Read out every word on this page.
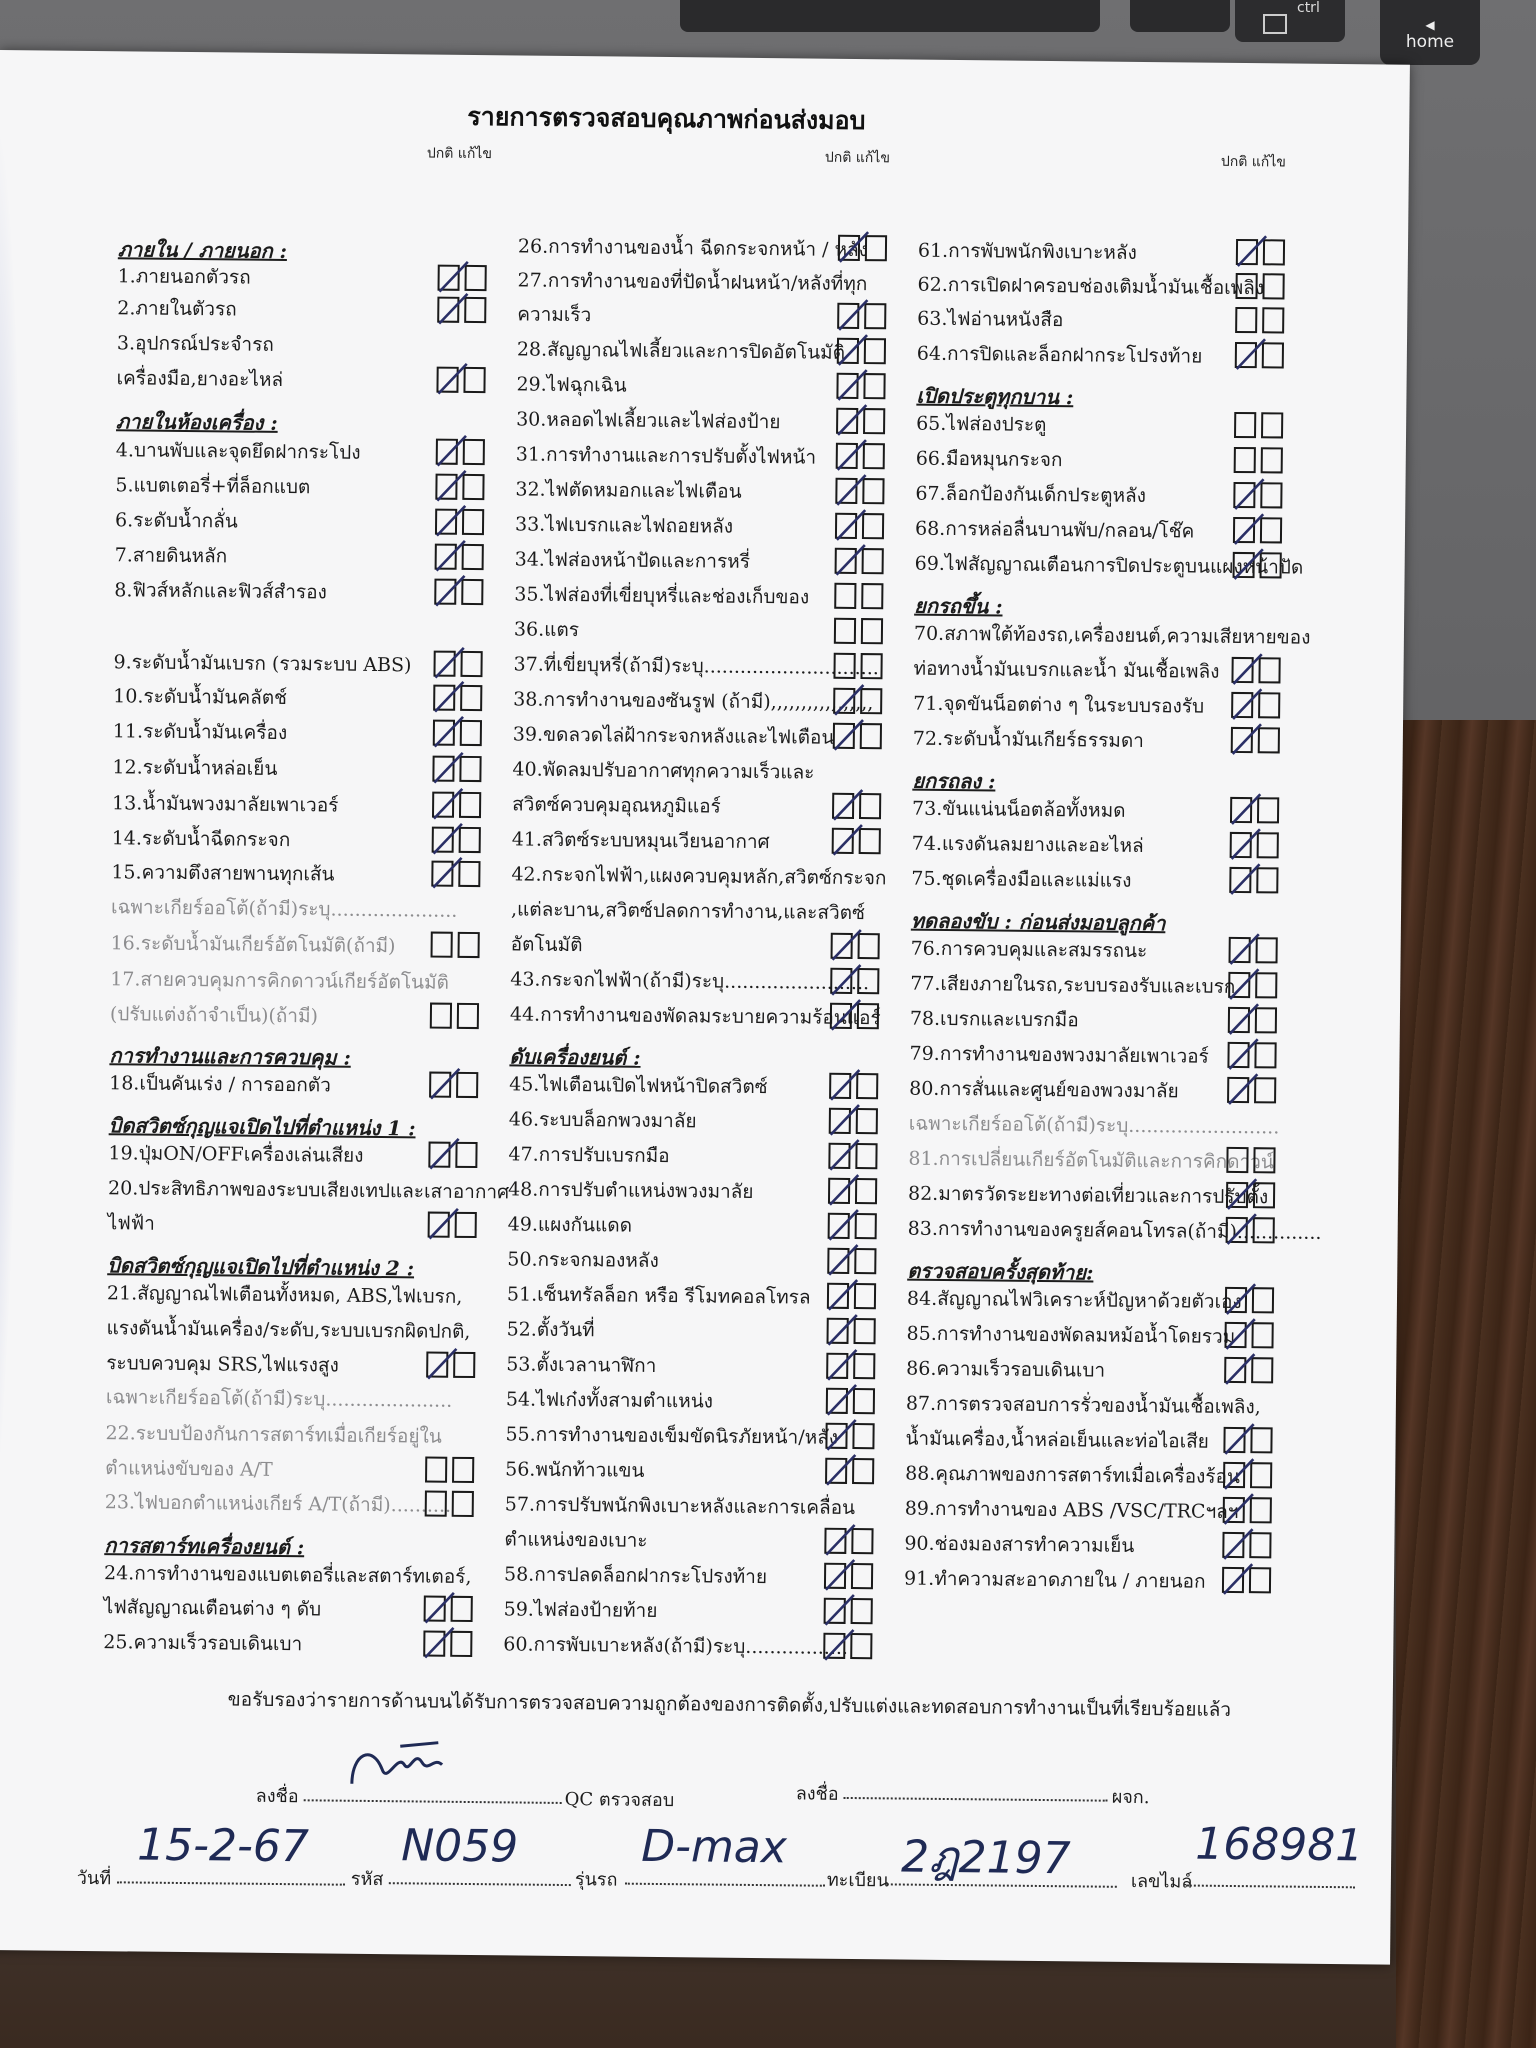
ctrl
◀
home
รายการตรวจสอบคุณภาพก่อนส่งมอบ
ปกติ แก้ไข	ปกติ แก้ไข	ปกติ แก้ไข
ภายใน / ภายนอก :
1.ภายนอกตัวรถ
2.ภายในตัวรถ
3.อุปกรณ์ประจำรถ
เครื่องมือ,ยางอะไหล่
ภายในห้องเครื่อง :
4.บานพับและจุดยึดฝากระโปง
5.แบตเตอรี่+ที่ล็อกแบต
6.ระดับน้ำกลั่น
7.สายดินหลัก
8.ฟิวส์หลักและฟิวส์สำรอง
9.ระดับน้ำมันเบรก (รวมระบบ ABS)
10.ระดับน้ำมันคลัตช์
11.ระดับน้ำมันเครื่อง
12.ระดับน้ำหล่อเย็น
13.น้ำมันพวงมาลัยเพาเวอร์
14.ระดับน้ำฉีดกระจก
15.ความตึงสายพานทุกเส้น
เฉพาะเกียร์ออโต้(ถ้ามี)ระบุ.....................
16.ระดับน้ำมันเกียร์อัตโนมัติ(ถ้ามี)
17.สายควบคุมการคิกดาวน์เกียร์อัตโนมัติ
(ปรับแต่งถ้าจำเป็น)(ถ้ามี)
การทำงานและการควบคุม :
18.เป็นคันเร่ง / การออกตัว
บิดสวิตซ์กุญแจเปิดไปที่ตำแหน่ง 1 :
19.ปุ่มON/OFFเครื่องเล่นเสียง
20.ประสิทธิภาพของระบบเสียงเทปและเสาอากาศ
ไฟฟ้า
บิดสวิตซ์กุญแจเปิดไปที่ตำแหน่ง 2 :
21.สัญญาณไฟเตือนทั้งหมด, ABS,ไฟเบรก,
แรงดันน้ำมันเครื่อง/ระดับ,ระบบเบรกผิดปกติ,
ระบบควบคุม SRS,ไฟแรงสูง
เฉพาะเกียร์ออโต้(ถ้ามี)ระบุ.....................
22.ระบบป้องกันการสตาร์ทเมื่อเกียร์อยู่ใน
ตำแหน่งขับของ A/T
23.ไฟบอกตำแหน่งเกียร์ A/T(ถ้ามี)..........
การสตาร์ทเครื่องยนต์ :
24.การทำงานของแบตเตอรี่และสตาร์ทเตอร์,
ไฟสัญญาณเตือนต่าง ๆ ดับ
25.ความเร็วรอบเดินเบา
26.การทำงานของน้ำ ฉีดกระจกหน้า / หลัง
27.การทำงานของที่ปัดน้ำฝนหน้า/หลังที่ทุก
ความเร็ว
28.สัญญาณไฟเลี้ยวและการปิดอัตโนมัติ
29.ไฟฉุกเฉิน
30.หลอดไฟเลี้ยวและไฟส่องป้าย
31.การทำงานและการปรับตั้งไฟหน้า
32.ไฟตัดหมอกและไฟเตือน
33.ไฟเบรกและไฟถอยหลัง
34.ไฟส่องหน้าปัดและการหรี่
35.ไฟส่องที่เขี่ยบุหรี่และช่องเก็บของ
36.แตร
37.ที่เขี่ยบุหรี่(ถ้ามี)ระบุ.............................
38.การทำงานของซันรูฟ (ถ้ามี),,,,,,,,,,,,,,,,,
39.ขดลวดไล่ฝ้ากระจกหลังและไฟเตือน
40.พัดลมปรับอากาศทุกความเร็วและ
สวิตซ์ควบคุมอุณหภูมิแอร์
41.สวิตซ์ระบบหมุนเวียนอากาศ
42.กระจกไฟฟ้า,แผงควบคุมหลัก,สวิตซ์กระจก
,แต่ละบาน,สวิตซ์ปลดการทำงาน,และสวิตซ์
อัตโนมัติ
43.กระจกไฟฟ้า(ถ้ามี)ระบุ........................
44.การทำงานของพัดลมระบายความร้อนแอร์
ดับเครื่องยนต์ :
45.ไฟเตือนเปิดไฟหน้าปิดสวิตซ์
46.ระบบล็อกพวงมาลัย
47.การปรับเบรกมือ
48.การปรับตำแหน่งพวงมาลัย
49.แผงกันแดด
50.กระจกมองหลัง
51.เซ็นทรัลล็อก หรือ รีโมทคอลโทรล
52.ตั้งวันที่
53.ตั้งเวลานาฬิกา
54.ไฟเก๋งทั้งสามตำแหน่ง
55.การทำงานของเข็มขัดนิรภัยหน้า/หลัง
56.พนักท้าวแขน
57.การปรับพนักพิงเบาะหลังและการเคลื่อน
ตำแหน่งของเบาะ
58.การปลดล็อกฝากระโปรงท้าย
59.ไฟส่องป้ายท้าย
60.การพับเบาะหลัง(ถ้ามี)ระบุ.................
61.การพับพนักพิงเบาะหลัง
62.การเปิดฝาครอบช่องเติมน้ำมันเชื้อเพลิง
63.ไฟอ่านหนังสือ
64.การปิดและล็อกฝากระโปรงท้าย
เปิดประตูทุกบาน :
65.ไฟส่องประตู
66.มือหมุนกระจก
67.ล็อกป้องกันเด็กประตูหลัง
68.การหล่อลื่นบานพับ/กลอน/โช๊ค
69.ไฟสัญญาณเตือนการปิดประตูบนแผงหน้าปัด
ยกรถขึ้น :
70.สภาพใต้ท้องรถ,เครื่องยนต์,ความเสียหายของ
ท่อทางน้ำมันเบรกและน้ำ มันเชื้อเพลิง
71.จุดขันน็อตต่าง ๆ ในระบบรองรับ
72.ระดับน้ำมันเกียร์ธรรมดา
ยกรถลง :
73.ขันแน่นน็อตล้อทั้งหมด
74.แรงดันลมยางและอะไหล่
75.ชุดเครื่องมือและแม่แรง
ทดลองขับ : ก่อนส่งมอบลูกค้า
76.การควบคุมและสมรรถนะ
77.เสียงภายในรถ,ระบบรองรับและเบรก
78.เบรกและเบรกมือ
79.การทำงานของพวงมาลัยเพาเวอร์
80.การสั่นและศูนย์ของพวงมาลัย
เฉพาะเกียร์ออโต้(ถ้ามี)ระบุ.........................
81.การเปลี่ยนเกียร์อัตโนมัติและการคิกดาวน์
82.มาตรวัดระยะทางต่อเที่ยวและการปรับตั้ง
83.การทำงานของครูยส์คอนโทรล(ถ้ามี)..............
ตรวจสอบครั้งสุดท้าย:
84.สัญญาณไฟวิเคราะห์ปัญหาด้วยตัวเอง
85.การทำงานของพัดลมหม้อน้ำโดยรวม
86.ความเร็วรอบเดินเบา
87.การตรวจสอบการรั่วของน้ำมันเชื้อเพลิง,
น้ำมันเครื่อง,น้ำหล่อเย็นและท่อไอเสีย
88.คุณภาพของการสตาร์ทเมื่อเครื่องร้อน
89.การทำงานของ ABS /VSC/TRCฯลฯ
90.ช่องมองสารทำความเย็น
91.ทำความสะอาดภายใน / ภายนอก
ขอรับรองว่ารายการด้านบนได้รับการตรวจสอบความถูกต้องของการติดตั้ง,ปรับแต่งและทดสอบการทำงานเป็นที่เรียบร้อยแล้ว
ลงชื่อ	QC ตรวจสอบ	ลงชื่อ	ผจก.
วันที่
15-2-67
รหัส
N059
รุ่นรถ
D-max
ทะเบียน 2ฎ2197	เลขไมล์
168981
